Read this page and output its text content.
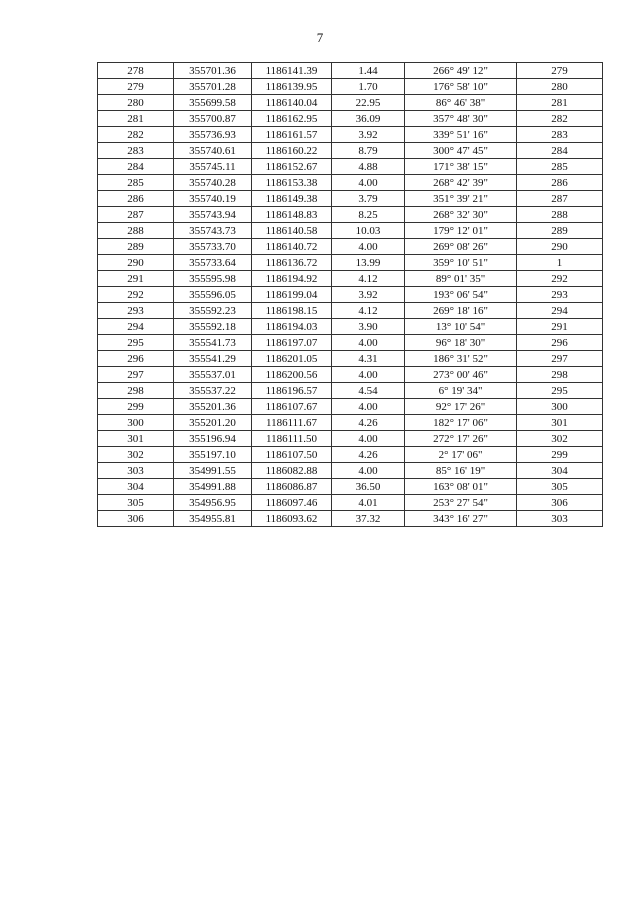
7
278	355701.36	1186141.39	1.44	266° 49' 12"	279
279	355701.28	1186139.95	1.70	176° 58' 10"	280
280	355699.58	1186140.04	22.95	86° 46' 38"	281
281	355700.87	1186162.95	36.09	357° 48' 30"	282
282	355736.93	1186161.57	3.92	339° 51' 16"	283
283	355740.61	1186160.22	8.79	300° 47' 45"	284
284	355745.11	1186152.67	4.88	171° 38' 15"	285
285	355740.28	1186153.38	4.00	268° 42' 39"	286
286	355740.19	1186149.38	3.79	351° 39' 21"	287
287	355743.94	1186148.83	8.25	268° 32' 30"	288
288	355743.73	1186140.58	10.03	179° 12' 01"	289
289	355733.70	1186140.72	4.00	269° 08' 26"	290
290	355733.64	1186136.72	13.99	359° 10' 51"	1
291	355595.98	1186194.92	4.12	89° 01' 35"	292
292	355596.05	1186199.04	3.92	193° 06' 54"	293
293	355592.23	1186198.15	4.12	269° 18' 16"	294
294	355592.18	1186194.03	3.90	13° 10' 54"	291
295	355541.73	1186197.07	4.00	96° 18' 30"	296
296	355541.29	1186201.05	4.31	186° 31' 52"	297
297	355537.01	1186200.56	4.00	273° 00' 46"	298
298	355537.22	1186196.57	4.54	6° 19' 34"	295
299	355201.36	1186107.67	4.00	92° 17' 26"	300
300	355201.20	1186111.67	4.26	182° 17' 06"	301
301	355196.94	1186111.50	4.00	272° 17' 26"	302
302	355197.10	1186107.50	4.26	2° 17' 06"	299
303	354991.55	1186082.88	4.00	85° 16' 19"	304
304	354991.88	1186086.87	36.50	163° 08' 01"	305
305	354956.95	1186097.46	4.01	253° 27' 54"	306
306	354955.81	1186093.62	37.32	343° 16' 27"	303
